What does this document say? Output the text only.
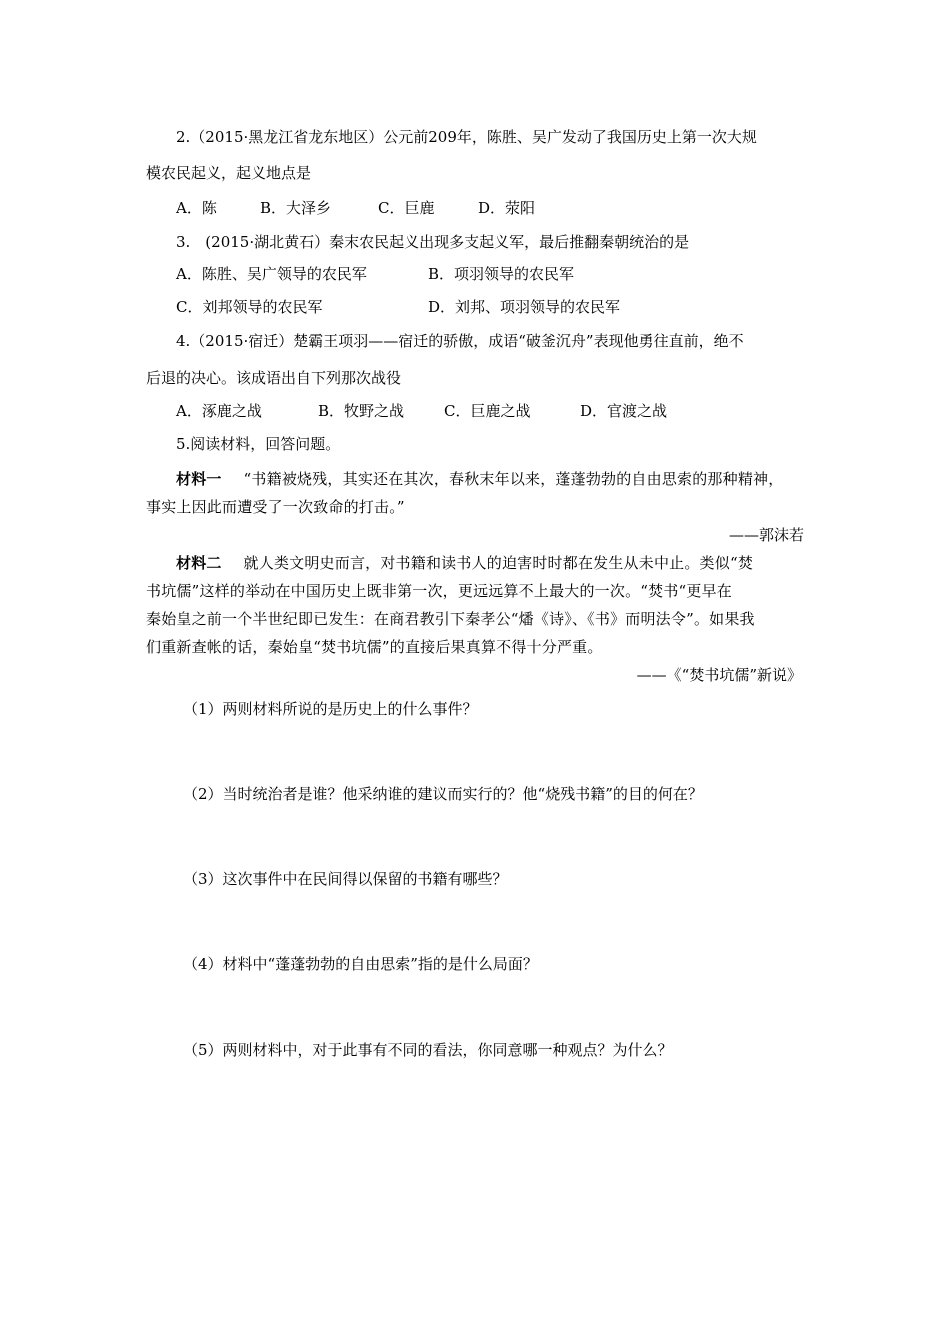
2.（2015·黑龙江省龙东地区）公元前209年，陈胜、吴广发动了我国历史上第一次大规
模农民起义，起义地点是
A．陈	B．大泽乡	C．巨鹿	D．荥阳
3.　(2015·湖北黄石）秦末农民起义出现多支起义军，最后推翻秦朝统治的是
A．陈胜、吴广领导的农民军	B．项羽领导的农民军
C．刘邦领导的农民军	D．刘邦、项羽领导的农民军
4.（2015·宿迁）楚霸王项羽——宿迁的骄傲，成语“破釜沉舟”表现他勇往直前，绝不
后退的决心。该成语出自下列那次战役
A．涿鹿之战	B．牧野之战	C．巨鹿之战	D．官渡之战
5.阅读材料，回答问题。
材料一 “书籍被烧残，其实还在其次，春秋末年以来，蓬蓬勃勃的自由思索的那种精神，
事实上因此而遭受了一次致命的打击。”
——郭沫若
材料二 就人类文明史而言，对书籍和读书人的迫害时时都在发生从未中止。类似“焚
书坑儒”这样的举动在中国历史上既非第一次，更远远算不上最大的一次。“焚书“更早在
秦始皇之前一个半世纪即已发生：在商君教引下秦孝公“燔《诗》、《书》而明法令”。如果我
们重新查帐的话，秦始皇“焚书坑儒”的直接后果真算不得十分严重。
——《“焚书坑儒”新说》
（1）两则材料所说的是历史上的什么事件？
（2）当时统治者是谁？他采纳谁的建议而实行的？他“烧残书籍”的目的何在？
（3）这次事件中在民间得以保留的书籍有哪些？
（4）材料中“蓬蓬勃勃的自由思索”指的是什么局面？
（5）两则材料中，对于此事有不同的看法，你同意哪一种观点？为什么？
